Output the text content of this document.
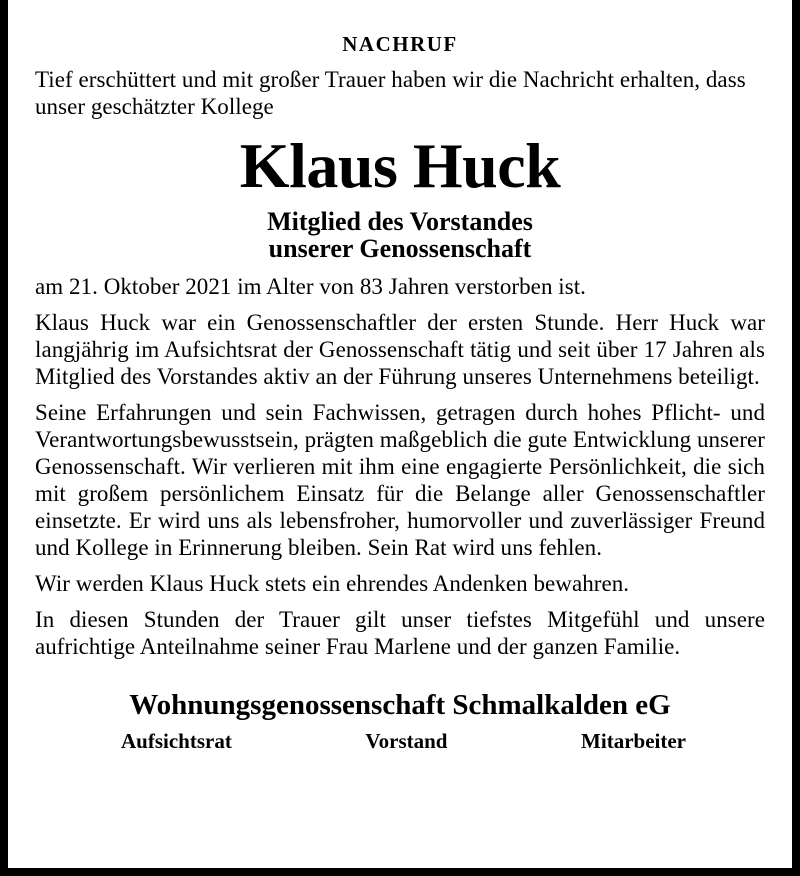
NACHRUF

Tief erschüttert und mit großer Trauer haben wir die Nachricht erhalten, dass unser geschätzter Kollege

Klaus Huck
Mitglied des Vorstandes
unserer Genossenschaft

am 21. Oktober 2021 im Alter von 83 Jahren verstorben ist.

Klaus Huck war ein Genossenschaftler der ersten Stunde. Herr Huck war langjährig im Aufsichtsrat der Genossenschaft tätig und seit über 17 Jahren als Mitglied des Vorstandes aktiv an der Führung unseres Unternehmens beteiligt.

Seine Erfahrungen und sein Fachwissen, getragen durch hohes Pflicht- und Verantwortungsbewusstsein, prägten maßgeblich die gute Entwicklung unserer Genossenschaft. Wir verlieren mit ihm eine engagierte Persönlichkeit, die sich mit großem persönlichem Einsatz für die Belange aller Genossenschaftler einsetzte. Er wird uns als lebensfroher, humorvoller und zuverlässiger Freund und Kollege in Erinnerung bleiben. Sein Rat wird uns fehlen.

Wir werden Klaus Huck stets ein ehrendes Andenken bewahren.

In diesen Stunden der Trauer gilt unser tiefstes Mitgefühl und unsere aufrichtige Anteilnahme seiner Frau Marlene und der ganzen Familie.

Wohnungsgenossenschaft Schmalkalden eG
Aufsichtsrat	Vorstand	Mitarbeiter
